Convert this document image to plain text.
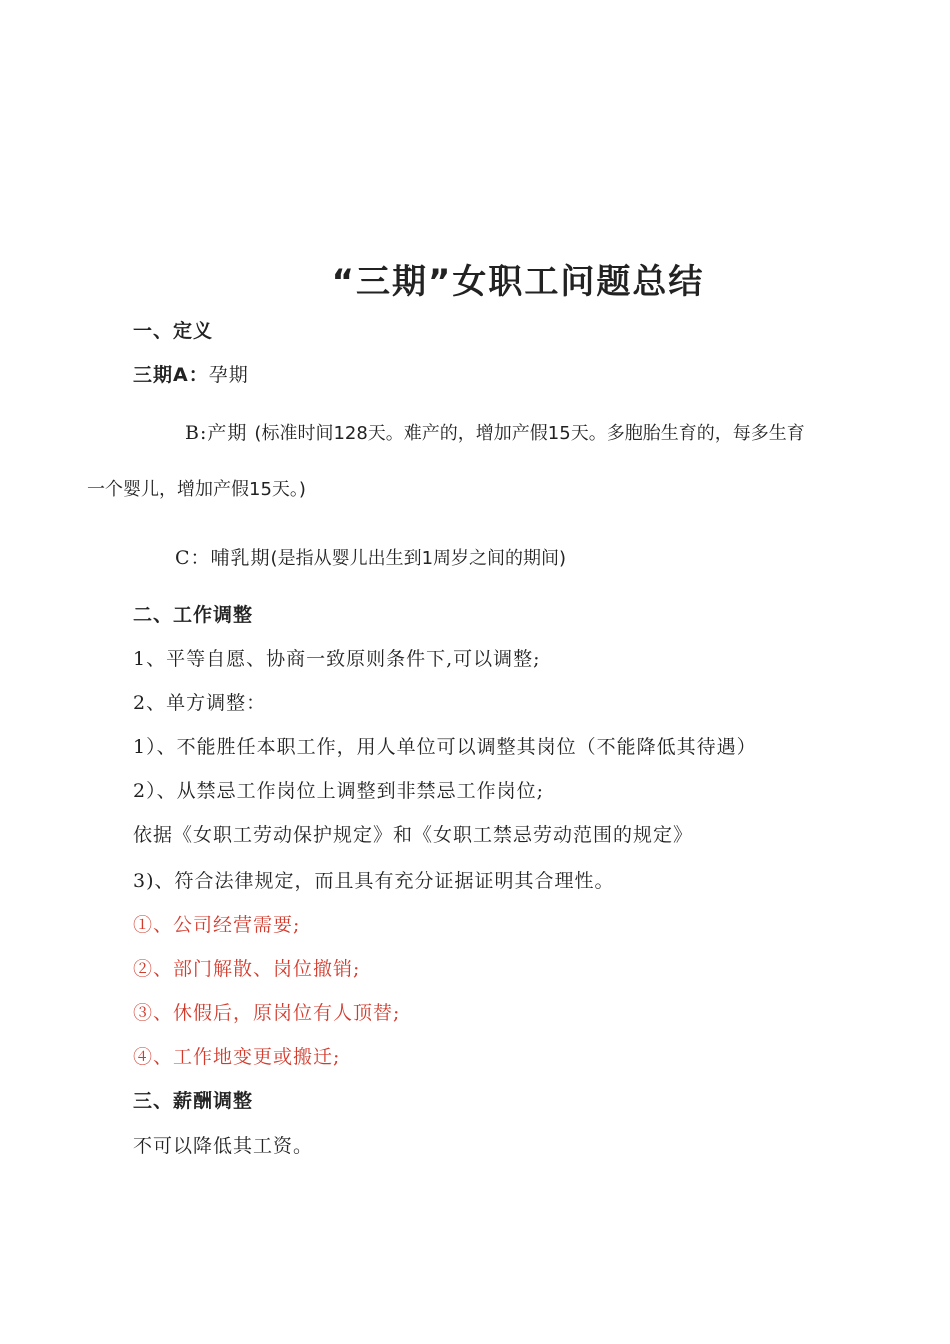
“三期”女职工问题总结
一、定义
三期A：孕期
B:产期 (标准时间128天。难产的，增加产假15天。多胞胎生育的，每多生育
一个婴儿，增加产假15天。)
C：哺乳期(是指从婴儿出生到1周岁之间的期间)
二、工作调整
1、平等自愿、协商一致原则条件下,可以调整;
2、单方调整：
1）、不能胜任本职工作，用人单位可以调整其岗位（不能降低其待遇）
2）、从禁忌工作岗位上调整到非禁忌工作岗位;
依据《女职工劳动保护规定》和《女职工禁忌劳动范围的规定》
3)、符合法律规定，而且具有充分证据证明其合理性。
①、公司经营需要;
②、部门解散、岗位撤销;
③、休假后，原岗位有人顶替;
④、工作地变更或搬迁;
三、薪酬调整
不可以降低其工资。
